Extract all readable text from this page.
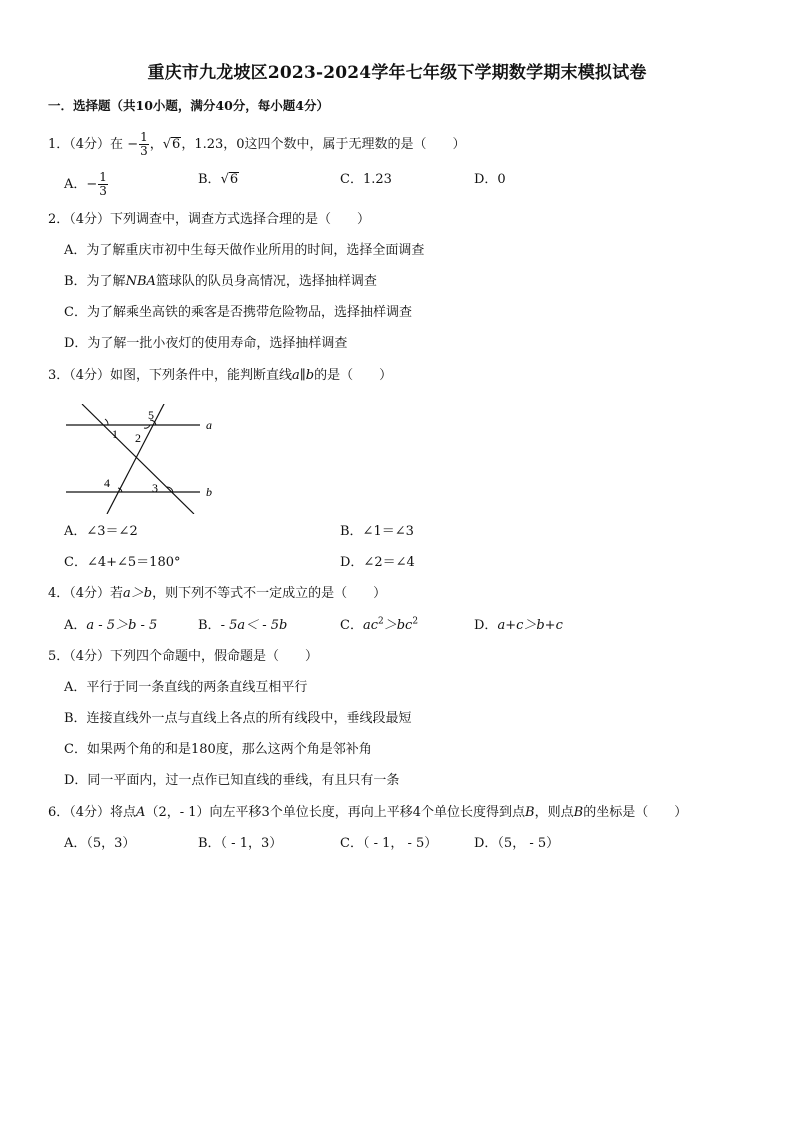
重庆市九龙坡区2023-2024学年七年级下学期数学期末模拟试卷
一．选择题（共10小题，满分40分，每小题4分）
1．（4分）在 − $\frac{1}{3}$ ，√6，1.23，0这四个数中，属于无理数的是（　　）
A．− $\frac{1}{3}$	B．√6	C．1.23	D．0
2．（4分）下列调查中，调查方式选择合理的是（　　）
A．为了解重庆市初中生每天做作业所用的时间，选择全面调查
B．为了解NBA篮球队的队员身高情况，选择抽样调查
C．为了解乘坐高铁的乘客是否携带危险物品，选择抽样调查
D．为了解一批小夜灯的使用寿命，选择抽样调查
3．（4分）如图，下列条件中，能判断直线a∥b的是（　　）
a
b
1 2
5
4	3
A．∠3＝∠2	B．∠1＝∠3
C．∠4+∠5＝180°	D．∠2＝∠4
4．（4分）若a＞b，则下列不等式不一定成立的是（　　）
A．a - 5＞b - 5	B．- 5a＜ - 5b	C．$ac^2>bc^2$	D．a+c＞b+c
5．（4分）下列四个命题中，假命题是（　　）
A．平行于同一条直线的两条直线互相平行
B．连接直线外一点与直线上各点的所有线段中，垂线段最短
C．如果两个角的和是180度，那么这两个角是邻补角
D．同一平面内，过一点作已知直线的垂线，有且只有一条
6．（4分）将点A（2，- 1）向左平移3个单位长度，再向上平移4个单位长度得到点B，则点B的坐标是（　　）
A．（5，3）	B．（ - 1，3）	C．（ - 1， - 5）	D．（5， - 5）
